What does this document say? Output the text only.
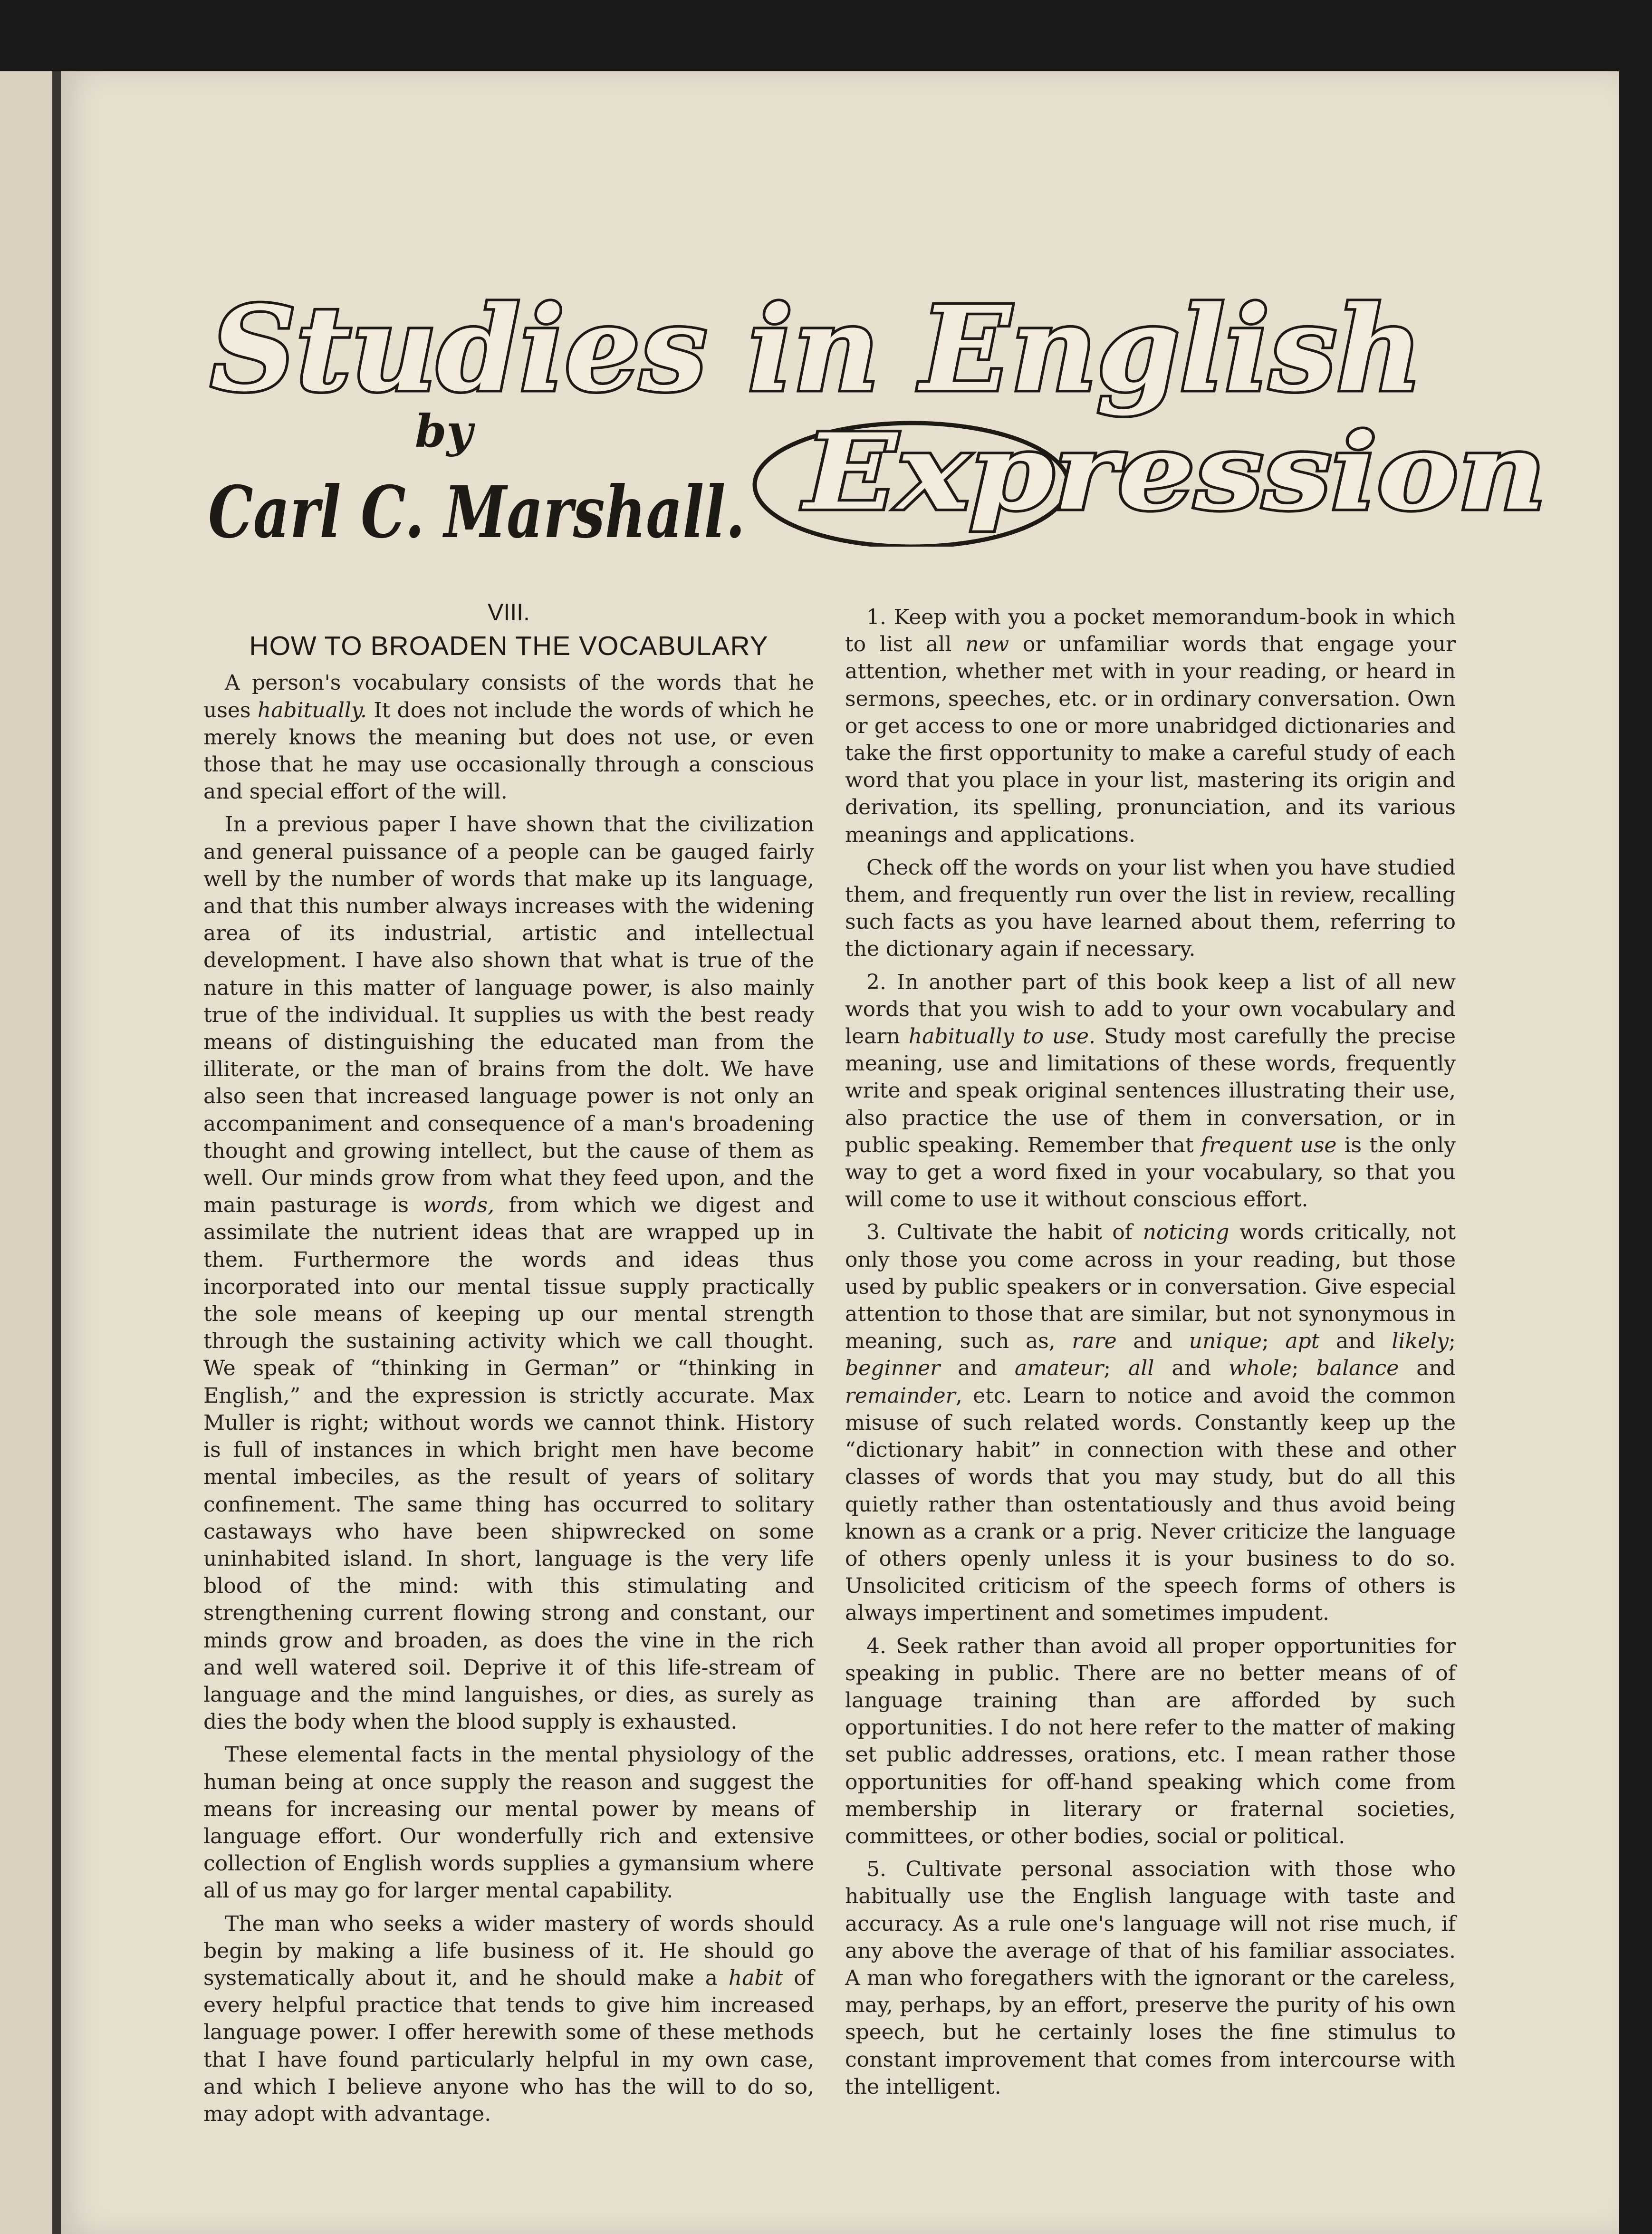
Studies in English
Expression
by
Carl C. Marshall.
VIII.
HOW TO BROADEN THE VOCABULARY

A person's vocabulary consists of the words that he uses habitually. It does not include the words of which he merely knows the meaning but does not use, or even those that he may use occasionally through a conscious and special effort of the will.

In a previous paper I have shown that the civilization and general puissance of a people can be gauged fairly well by the number of words that make up its language, and that this number always increases with the widening area of its industrial, artistic and intellectual development. I have also shown that what is true of the nature in this matter of language power, is also mainly true of the individual. It supplies us with the best ready means of distinguishing the educated man from the illiterate, or the man of brains from the dolt. We have also seen that increased language power is not only an accompaniment and consequence of a man's broadening thought and growing intellect, but the cause of them as well. Our minds grow from what they feed upon, and the main pasturage is words, from which we digest and assimilate the nutrient ideas that are wrapped up in them. Furthermore the words and ideas thus incorporated into our mental tissue supply practically the sole means of keeping up our mental strength through the sustaining activity which we call thought. We speak of “thinking in German” or “thinking in English,” and the expression is strictly accurate. Max Muller is right; without words we cannot think. History is full of instances in which bright men have become mental imbeciles, as the result of years of solitary confinement. The same thing has occurred to solitary castaways who have been shipwrecked on some uninhabited island. In short, language is the very life blood of the mind: with this stimulating and strengthening current flowing strong and constant, our minds grow and broaden, as does the vine in the rich and well watered soil. Deprive it of this life-stream of language and the mind languishes, or dies, as surely as dies the body when the blood supply is exhausted.

These elemental facts in the mental physiology of the human being at once supply the reason and suggest the means for increasing our mental power by means of language effort. Our wonderfully rich and extensive collection of English words supplies a gymansium where all of us may go for larger mental capability.

The man who seeks a wider mastery of words should begin by making a life business of it. He should go systematically about it, and he should make a habit of every helpful practice that tends to give him increased language power. I offer herewith some of these methods that I have found particularly helpful in my own case, and which I believe anyone who has the will to do so, may adopt with advantage.

1. Keep with you a pocket memorandum-book in which to list all new or unfamiliar words that engage your attention, whether met with in your reading, or heard in sermons, speeches, etc. or in ordinary conversation. Own or get access to one or more unabridged dictionaries and take the first opportunity to make a careful study of each word that you place in your list, mastering its origin and derivation, its spelling, pronunciation, and its various meanings and applications.

Check off the words on your list when you have studied them, and frequently run over the list in review, recalling such facts as you have learned about them, referring to the dictionary again if necessary.

2. In another part of this book keep a list of all new words that you wish to add to your own vocabulary and learn habitually to use. Study most carefully the precise meaning, use and limitations of these words, frequently write and speak original sentences illustrating their use, also practice the use of them in conversation, or in public speaking. Remember that frequent use is the only way to get a word fixed in your vocabulary, so that you will come to use it without conscious effort.

3. Cultivate the habit of noticing words critically, not only those you come across in your reading, but those used by public speakers or in conversation. Give especial attention to those that are similar, but not synonymous in meaning, such as, rare and unique; apt and likely; beginner and amateur; all and whole; balance and remainder, etc. Learn to notice and avoid the common misuse of such related words. Constantly keep up the “dictionary habit” in connection with these and other classes of words that you may study, but do all this quietly rather than ostentatiously and thus avoid being known as a crank or a prig. Never criticize the language of others openly unless it is your business to do so. Unsolicited criticism of the speech forms of others is always impertinent and sometimes impudent.

4. Seek rather than avoid all proper opportunities for speaking in public. There are no better means of of language training than are afforded by such opportunities. I do not here refer to the matter of making set public addresses, orations, etc. I mean rather those opportunities for off-hand speaking which come from membership in literary or fraternal societies, committees, or other bodies, social or political.

5. Cultivate personal association with those who habitually use the English language with taste and accuracy. As a rule one's language will not rise much, if any above the average of that of his familiar associates. A man who foregathers with the ignorant or the careless, may, perhaps, by an effort, preserve the purity of his own speech, but he certainly loses the fine stimulus to constant improvement that comes from intercourse with the intelligent.
